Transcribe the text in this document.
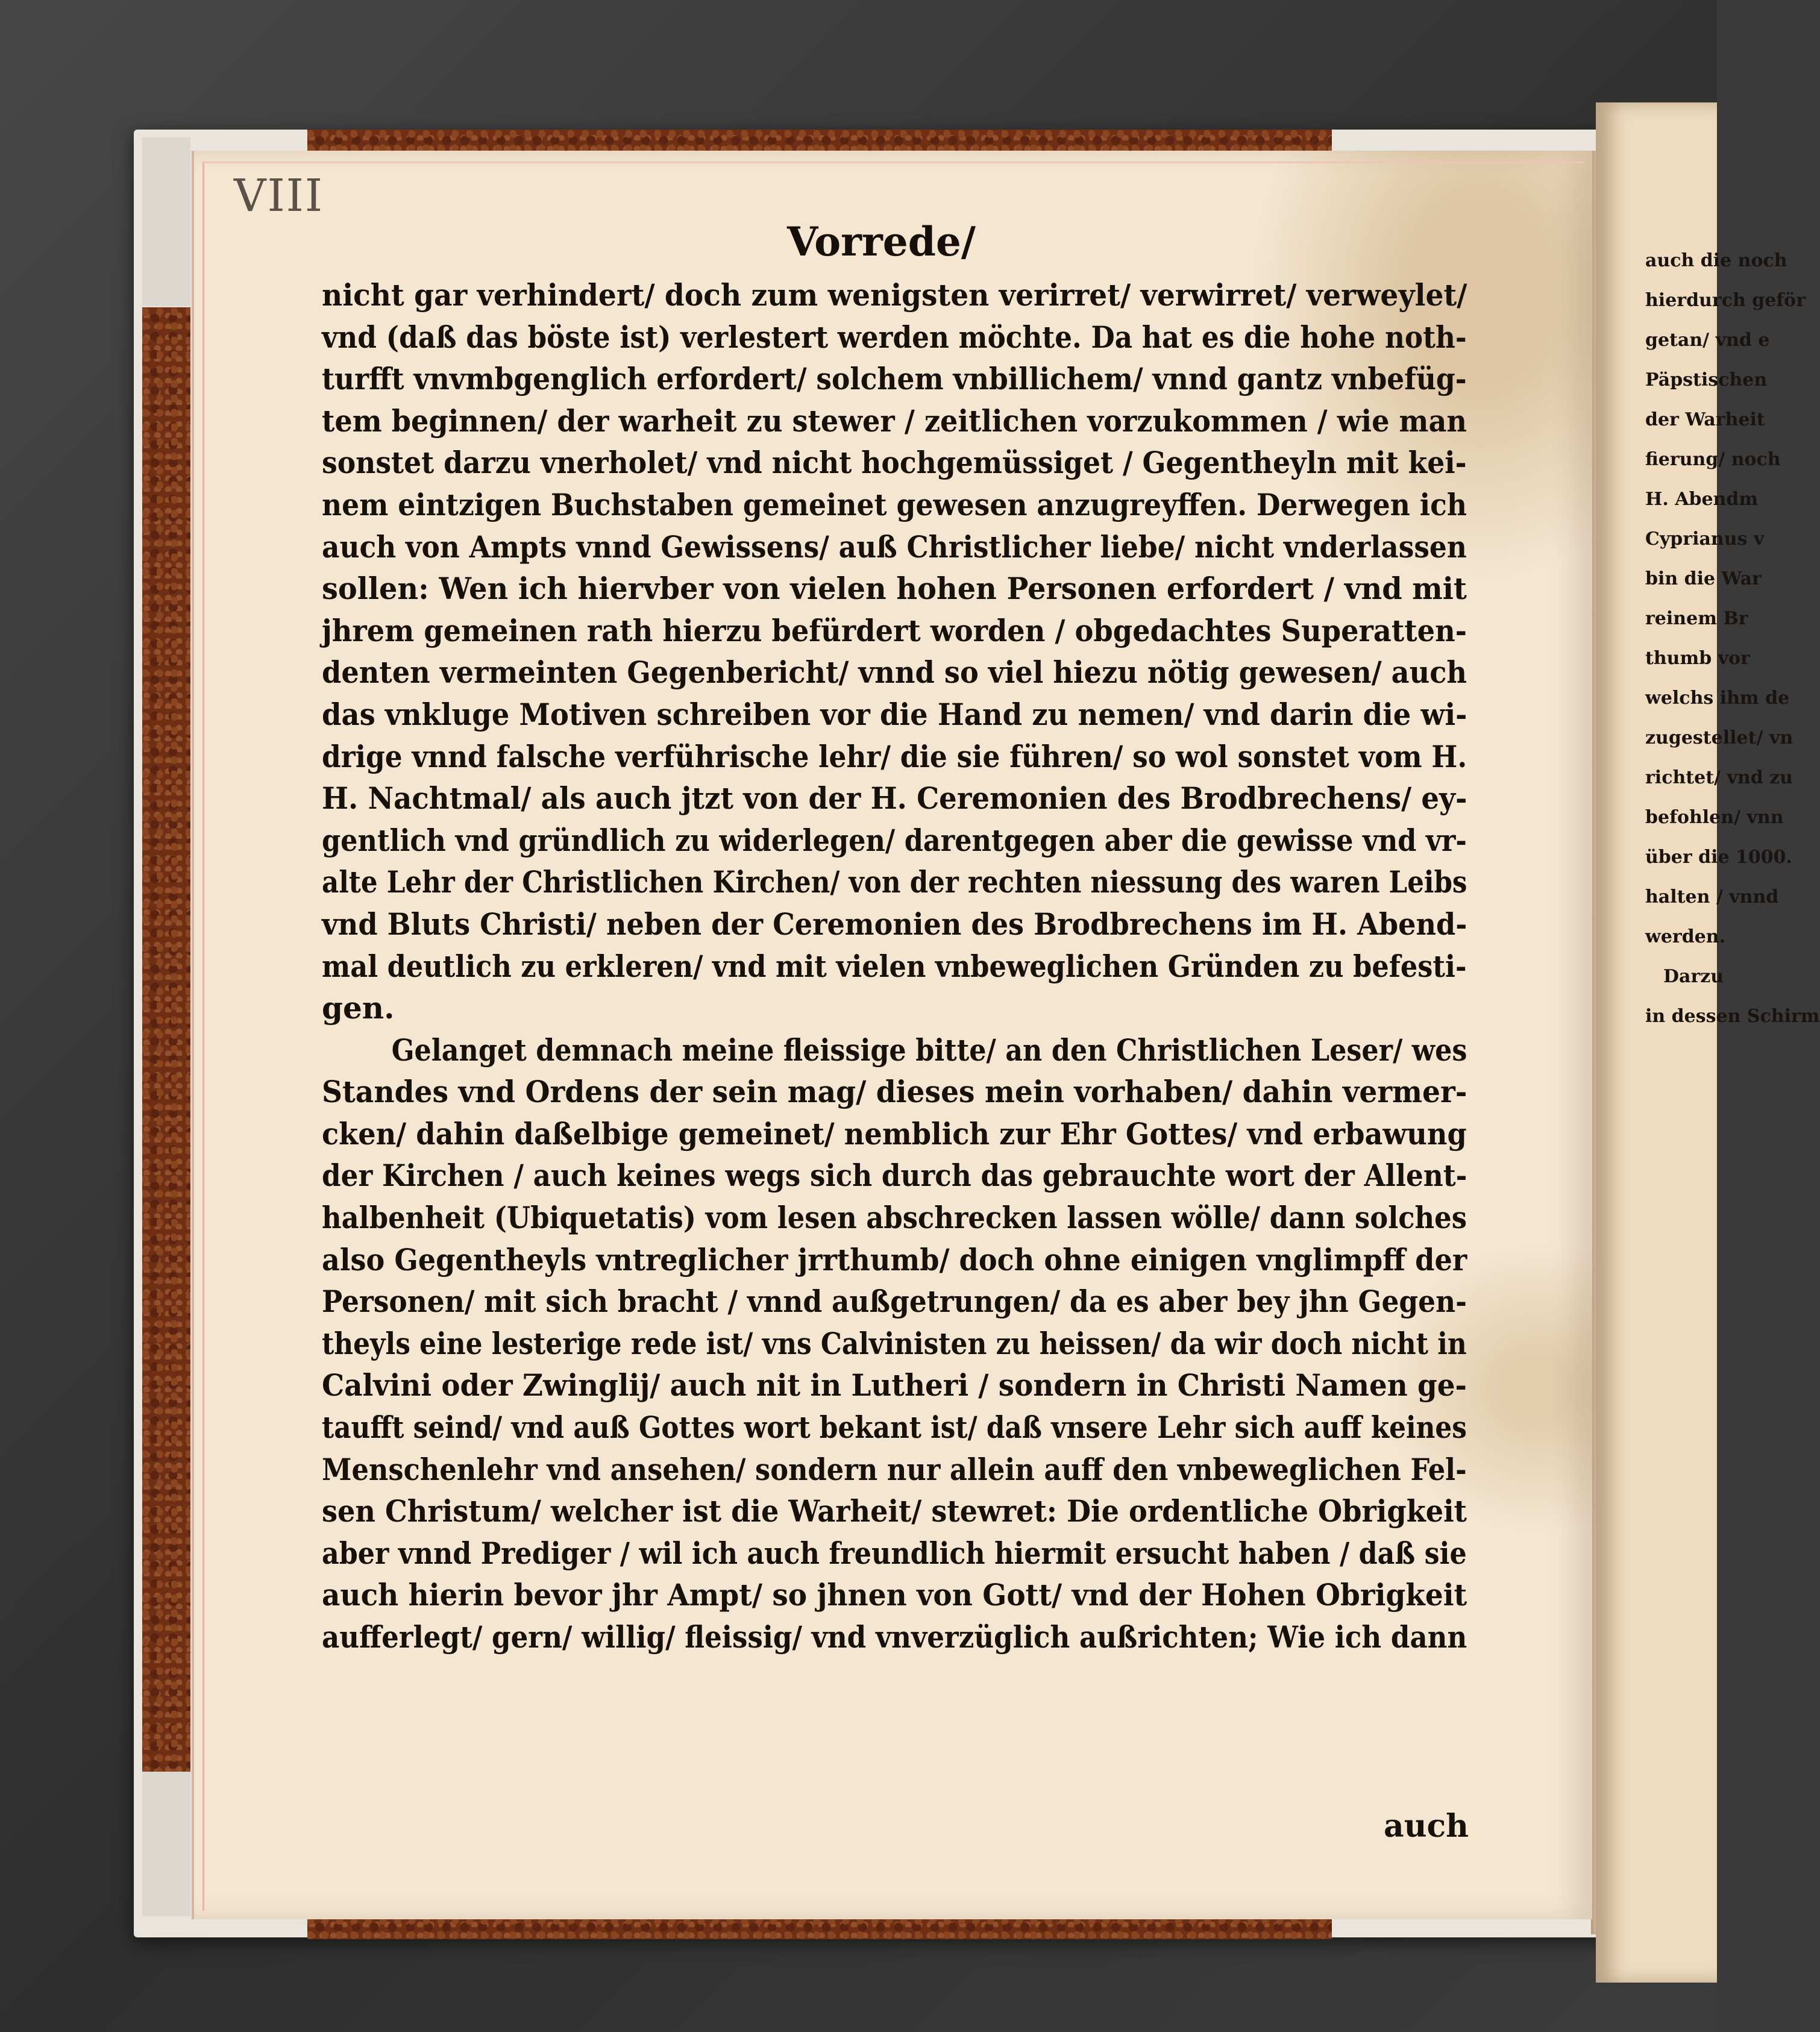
auch die noch
hierdurch geför
getan/ vnd e
Päpstischen
der Warheit
fierung/ noch
H. Abendm
Cyprianus v
bin die War
reinem Br
thumb vor
welchs ihm de
zugestellet/ vn
richtet/ vnd zu
befohlen/ vnn
über die 1000.
halten / vnnd
werden.
Darzu
in dessen Schirm
VIII
Vorrede/
nicht gar verhindert/ doch zum wenigsten verirret/ verwirret/ verweylet/
vnd (daß das böste ist) verlestert werden möchte. Da hat es die hohe noth-
turfft vnvmbgenglich erfordert/ solchem vnbillichem/ vnnd gantz vnbefüg-
tem beginnen/ der warheit zu stewer / zeitlichen vorzukommen / wie man
sonstet darzu vnerholet/ vnd nicht hochgemüssiget / Gegentheyln mit kei-
nem eintzigen Buchstaben gemeinet gewesen anzugreyffen. Derwegen ich
auch von Ampts vnnd Gewissens/ auß Christlicher liebe/ nicht vnderlassen
sollen: Wen ich hiervber von vielen hohen Personen erfordert / vnd mit
jhrem gemeinen rath hierzu befürdert worden / obgedachtes Superatten-
denten vermeinten Gegenbericht/ vnnd so viel hiezu nötig gewesen/ auch
das vnkluge Motiven schreiben vor die Hand zu nemen/ vnd darin die wi-
drige vnnd falsche verführische lehr/ die sie führen/ so wol sonstet vom H.
H. Nachtmal/ als auch jtzt von der H. Ceremonien des Brodbrechens/ ey-
gentlich vnd gründlich zu widerlegen/ darentgegen aber die gewisse vnd vr-
alte Lehr der Christlichen Kirchen/ von der rechten niessung des waren Leibs
vnd Bluts Christi/ neben der Ceremonien des Brodbrechens im H. Abend-
mal deutlich zu erkleren/ vnd mit vielen vnbeweglichen Gründen zu befesti-
gen.
Gelanget demnach meine fleissige bitte/ an den Christlichen Leser/ wes
Standes vnd Ordens der sein mag/ dieses mein vorhaben/ dahin vermer-
cken/ dahin daßelbige gemeinet/ nemblich zur Ehr Gottes/ vnd erbawung
der Kirchen / auch keines wegs sich durch das gebrauchte wort der Allent-
halbenheit (Ubiquetatis) vom lesen abschrecken lassen wölle/ dann solches
also Gegentheyls vntreglicher jrrthumb/ doch ohne einigen vnglimpff der
Personen/ mit sich bracht / vnnd außgetrungen/ da es aber bey jhn Gegen-
theyls eine lesterige rede ist/ vns Calvinisten zu heissen/ da wir doch nicht in
Calvini oder Zwinglij/ auch nit in Lutheri / sondern in Christi Namen ge-
taufft seind/ vnd auß Gottes wort bekant ist/ daß vnsere Lehr sich auff keines
Menschenlehr vnd ansehen/ sondern nur allein auff den vnbeweglichen Fel-
sen Christum/ welcher ist die Warheit/ stewret: Die ordentliche Obrigkeit
aber vnnd Prediger / wil ich auch freundlich hiermit ersucht haben / daß sie
auch hierin bevor jhr Ampt/ so jhnen von Gott/ vnd der Hohen Obrigkeit
aufferlegt/ gern/ willig/ fleissig/ vnd vnverzüglich außrichten; Wie ich dann
auch
